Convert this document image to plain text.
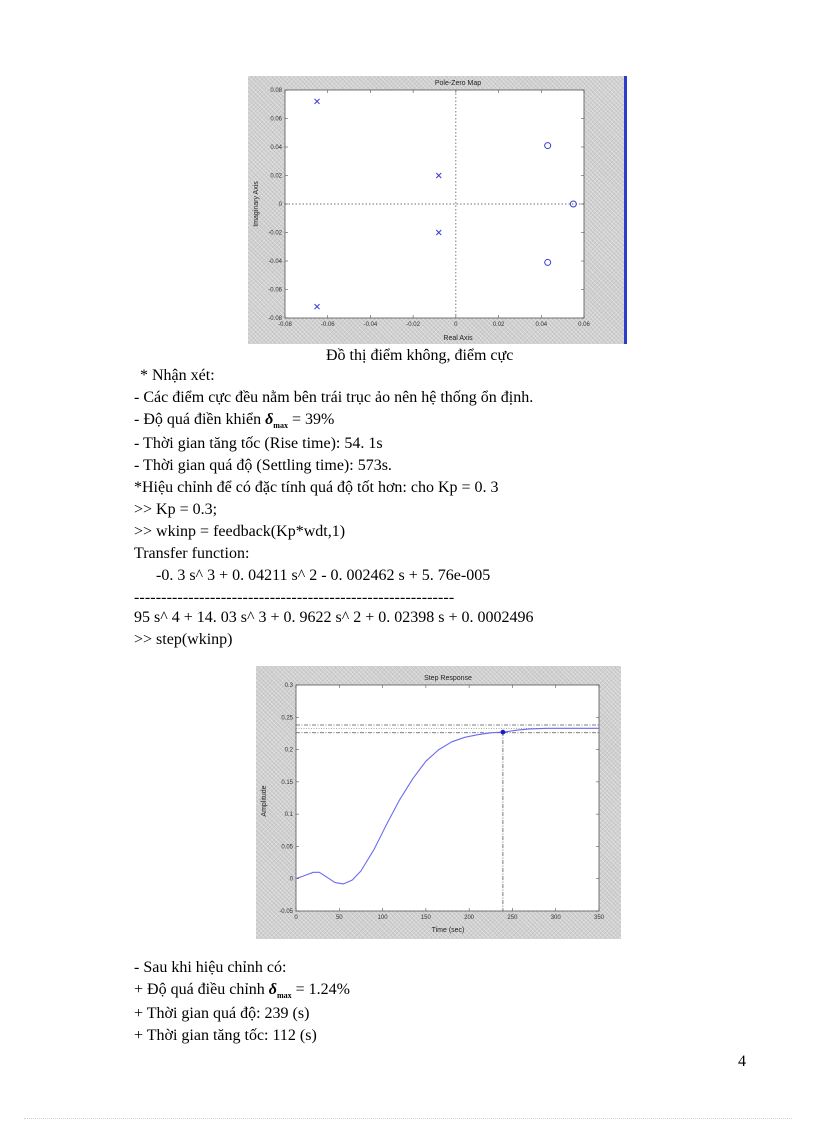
Pole-Zero Map
Real Axis
Imaginary Axis
-0.08	-0.06	-0.04	-0.02	0	0.02	0.04	0.06
-0.08
-0.06
-0.04
-0.02
0
0.02
0.04
0.06
0.08
Đồ thị điểm không, điểm cực
* Nhận xét:
- Các điểm cực đều nằm bên trái trục ảo nên hệ thống ổn định.
- Độ quá điền khiển $\delta_{max} = 39\%$
- Thời gian tăng tốc (Rise time): 54. 1s
- Thời gian quá độ (Settling time): 573s.
*Hiệu chỉnh để có đặc tính quá độ tốt hơn: cho Kp = 0. 3
>> Kp = 0.3;
>> wkinp = feedback(Kp*wdt,1)
Transfer function:
-0. 3 s^ 3 + 0. 04211 s^ 2 - 0. 002462 s + 5. 76e-005
-----------------------------------------------------------
95 s^ 4 + 14. 03 s^ 3 + 0. 9622 s^ 2 + 0. 02398 s + 0. 0002496
>> step(wkinp)
Step Response
Time (sec)
Amplitude
0	50	100	150	200	250	300	350
-0.05
0
0.05
0.1
0.15
0.2
0.25
0.3
- Sau khi hiệu chỉnh có:
+ Độ quá điều chỉnh $\delta_{max} = 1.24\%$
+ Thời gian quá độ: 239 (s)
+ Thời gian tăng tốc: 112 (s)
4
